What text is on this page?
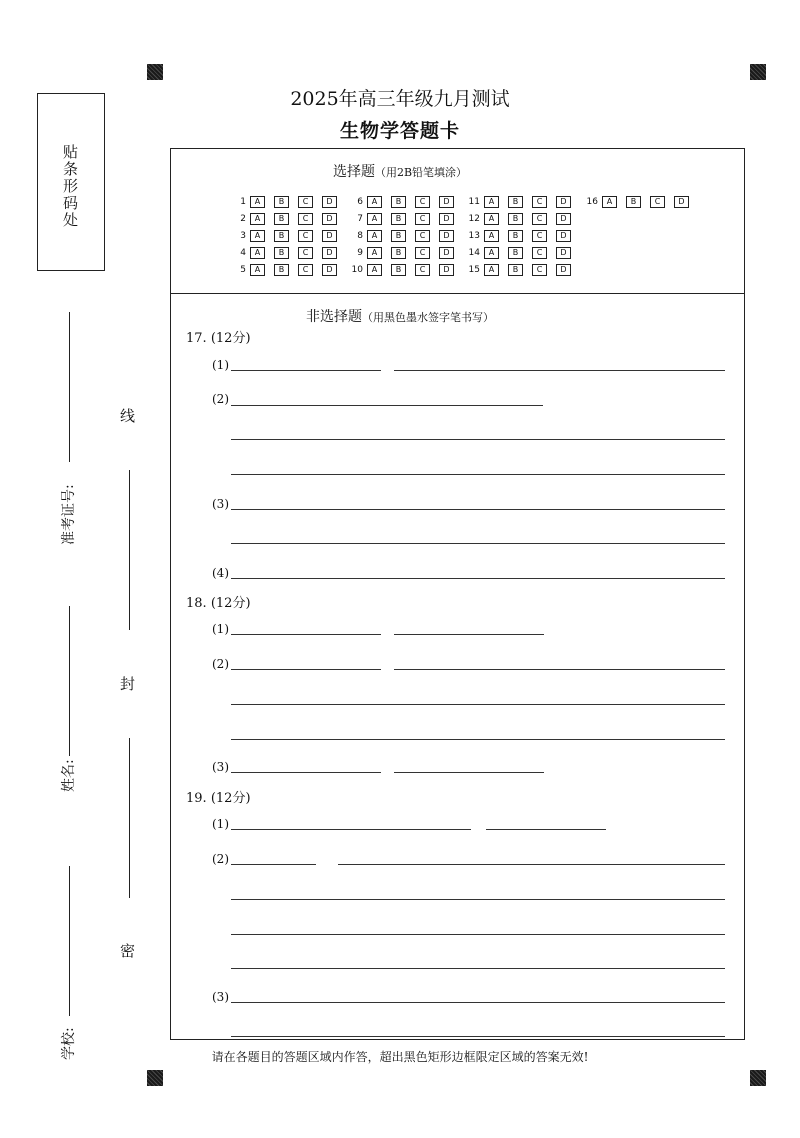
贴条形码处
准考证号:
姓名:
学校:
线
封
密
2025年高三年级九月测试
生物学答题卡
选择题（用2B铅笔填涂）
1	A	B	C	D
2	A	B	C	D
3	A	B	C	D
4	A	B	C	D
5	A	B	C	D
6	A	B	C	D
7	A	B	C	D
8	A	B	C	D
9	A	B	C	D
10	A	B	C	D
11	A	B	C	D
12	A	B	C	D
13	A	B	C	D
14	A	B	C	D
15	A	B	C	D
16	A	B	C	D
非选择题（用黑色墨水签字笔书写）
17. (12分)
(1)
(2)
(3)
(4)
18. (12分)
(1)
(2)
(3)
19. (12分)
(1)
(2)
(3)
请在各题目的答题区域内作答，超出黑色矩形边框限定区域的答案无效!
